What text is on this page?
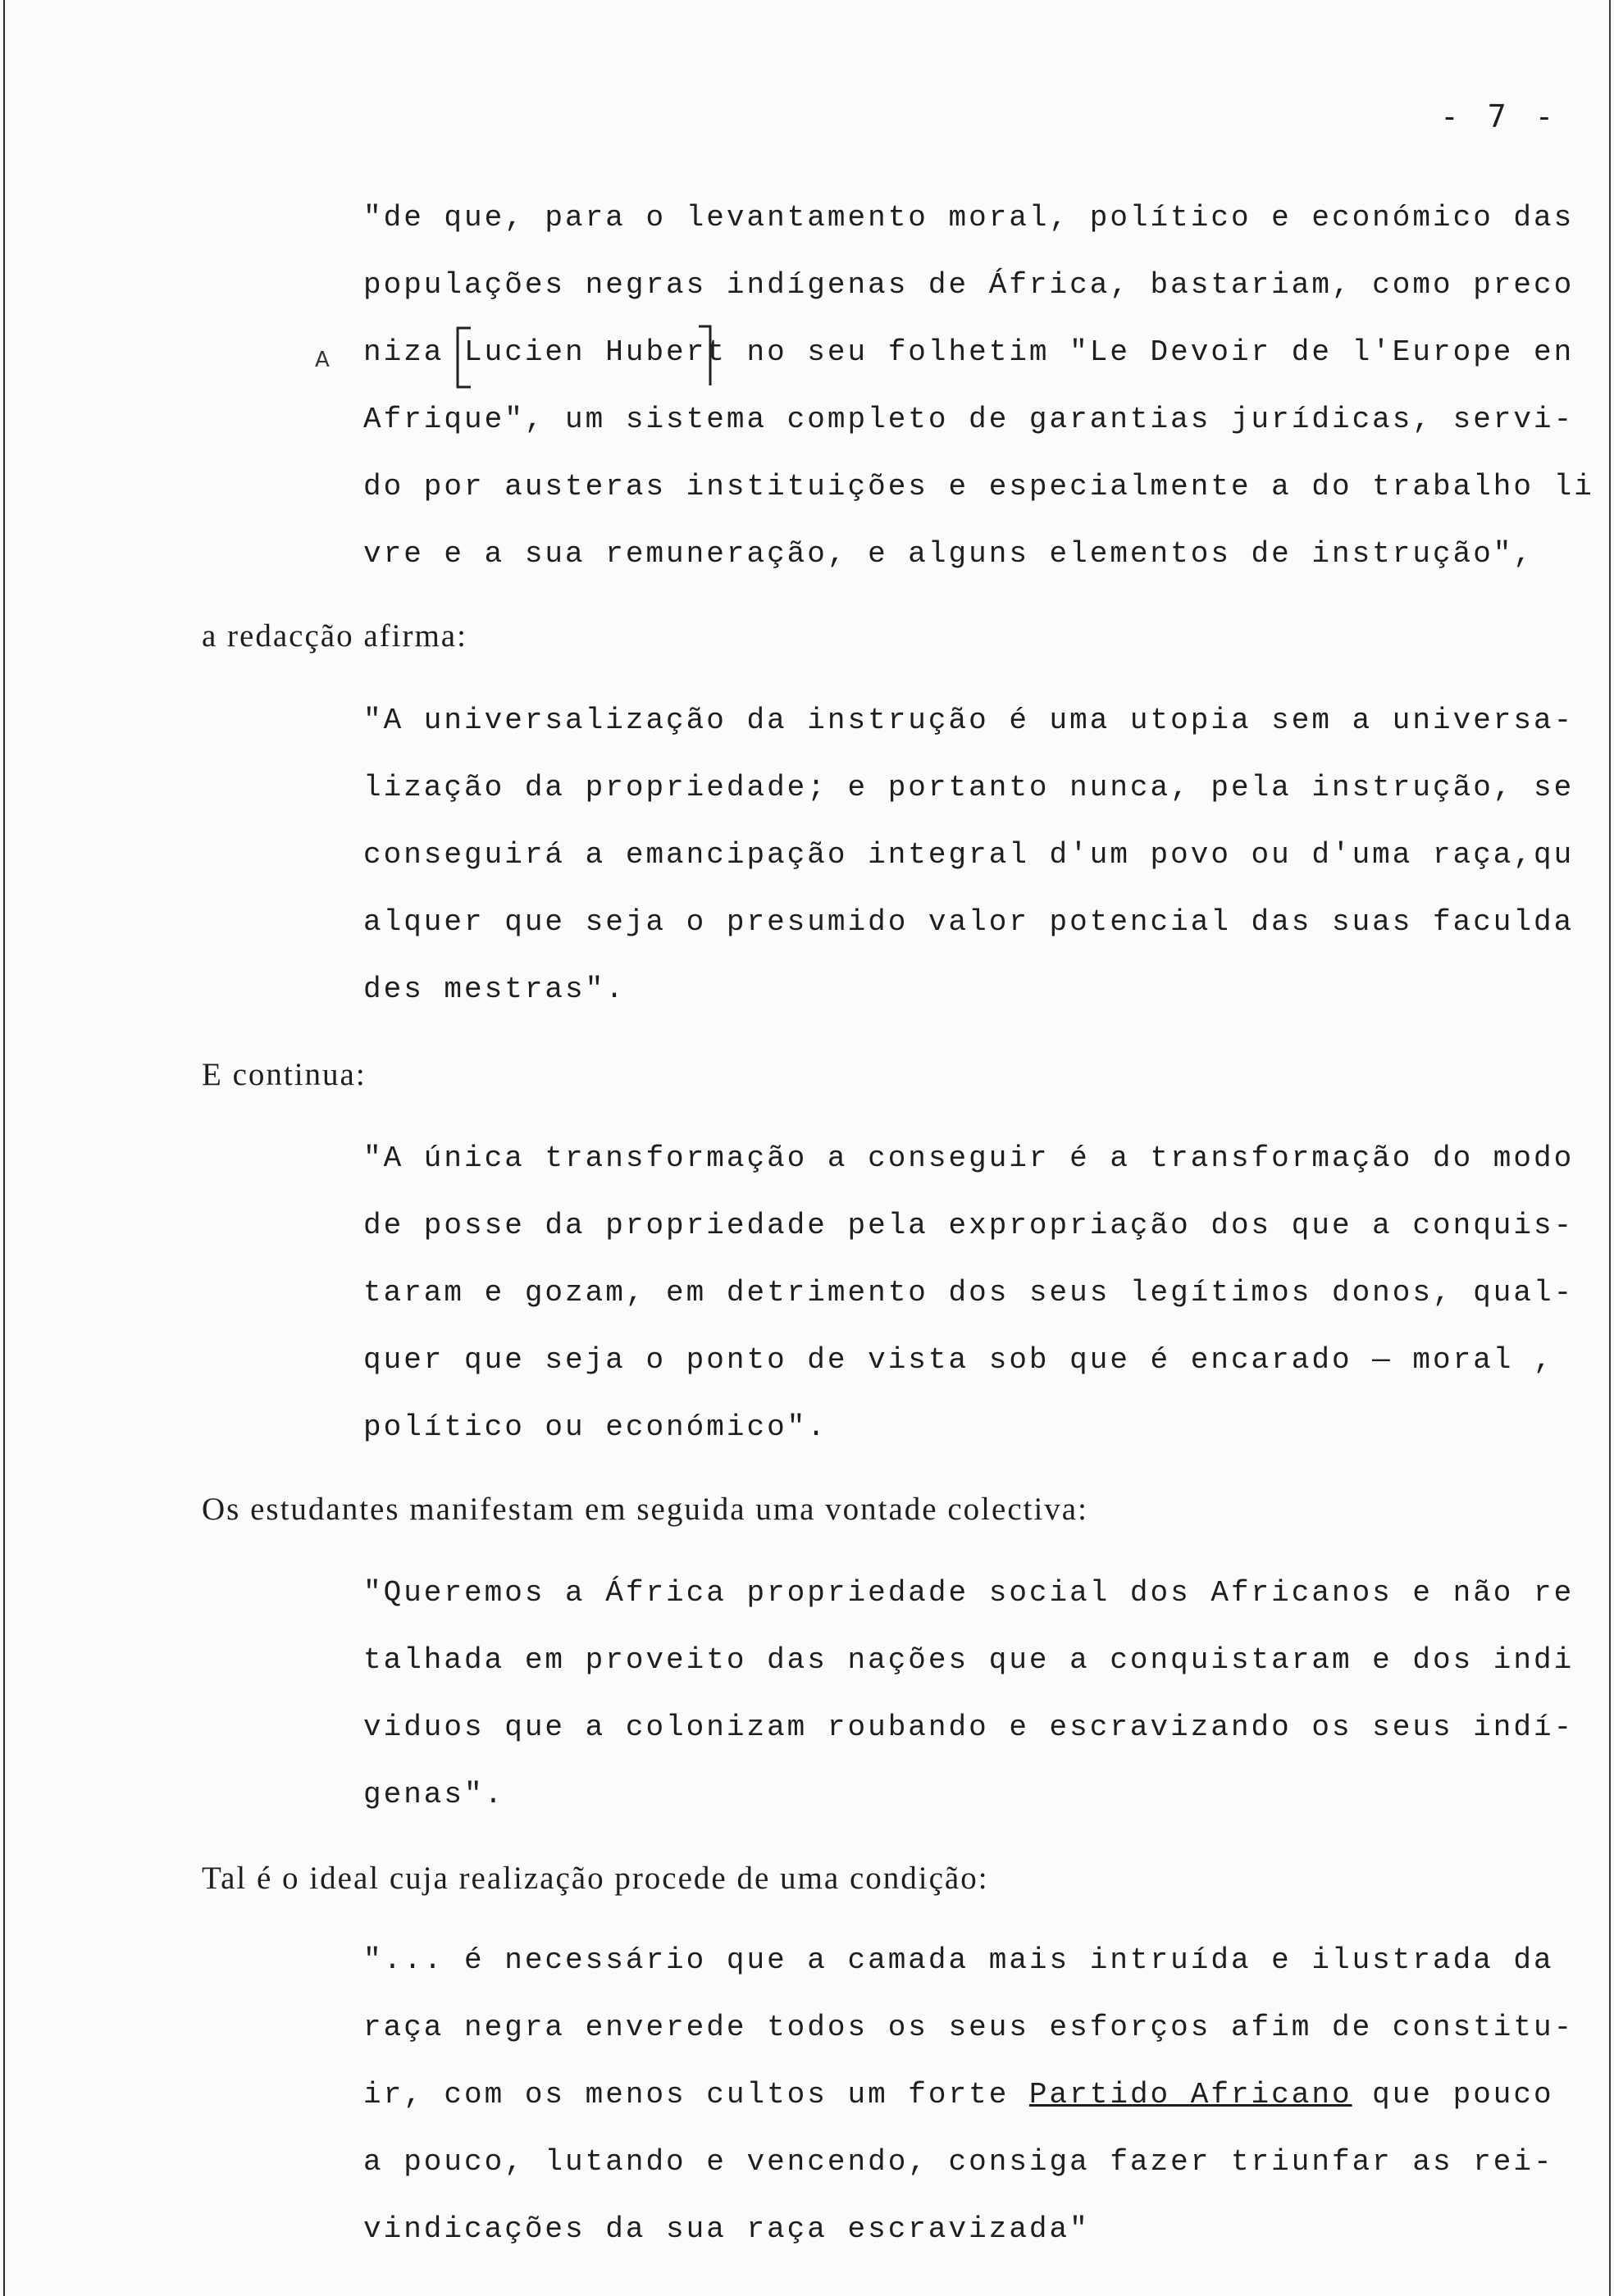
- 7 -
A
"de que, para o levantamento moral, político e económico das
populações negras indígenas de África, bastariam, como preco
niza Lucien Hubert no seu folhetim "Le Devoir de l'Europe en
Afrique", um sistema completo de garantias jurídicas, servi-
do por austeras instituições e especialmente a do trabalho li
vre e a sua remuneração, e alguns elementos de instrução",
a redacção afirma:
"A universalização da instrução é uma utopia sem a universa-
lização da propriedade; e portanto nunca, pela instrução, se
conseguirá a emancipação integral d'um povo ou d'uma raça,qu
alquer que seja o presumido valor potencial das suas faculda
des mestras".
E continua:
"A única transformação a conseguir é a transformação do modo
de posse da propriedade pela expropriação dos que a conquis-
taram e gozam, em detrimento dos seus legítimos donos, qual-
quer que seja o ponto de vista sob que é encarado — moral ,
político ou económico".
Os estudantes manifestam em seguida uma vontade colectiva:
"Queremos a África propriedade social dos Africanos e não re
talhada em proveito das nações que a conquistaram e dos indi
viduos que a colonizam roubando e escravizando os seus indí-
genas".
Tal é o ideal cuja realização procede de uma condição:
"... é necessário que a camada mais intruída e ilustrada da
raça negra enverede todos os seus esforços afim de constitu-
ir, com os menos cultos um forte Partido Africano que pouco
a pouco, lutando e vencendo, consiga fazer triunfar as rei-
vindicações da sua raça escravizada"
